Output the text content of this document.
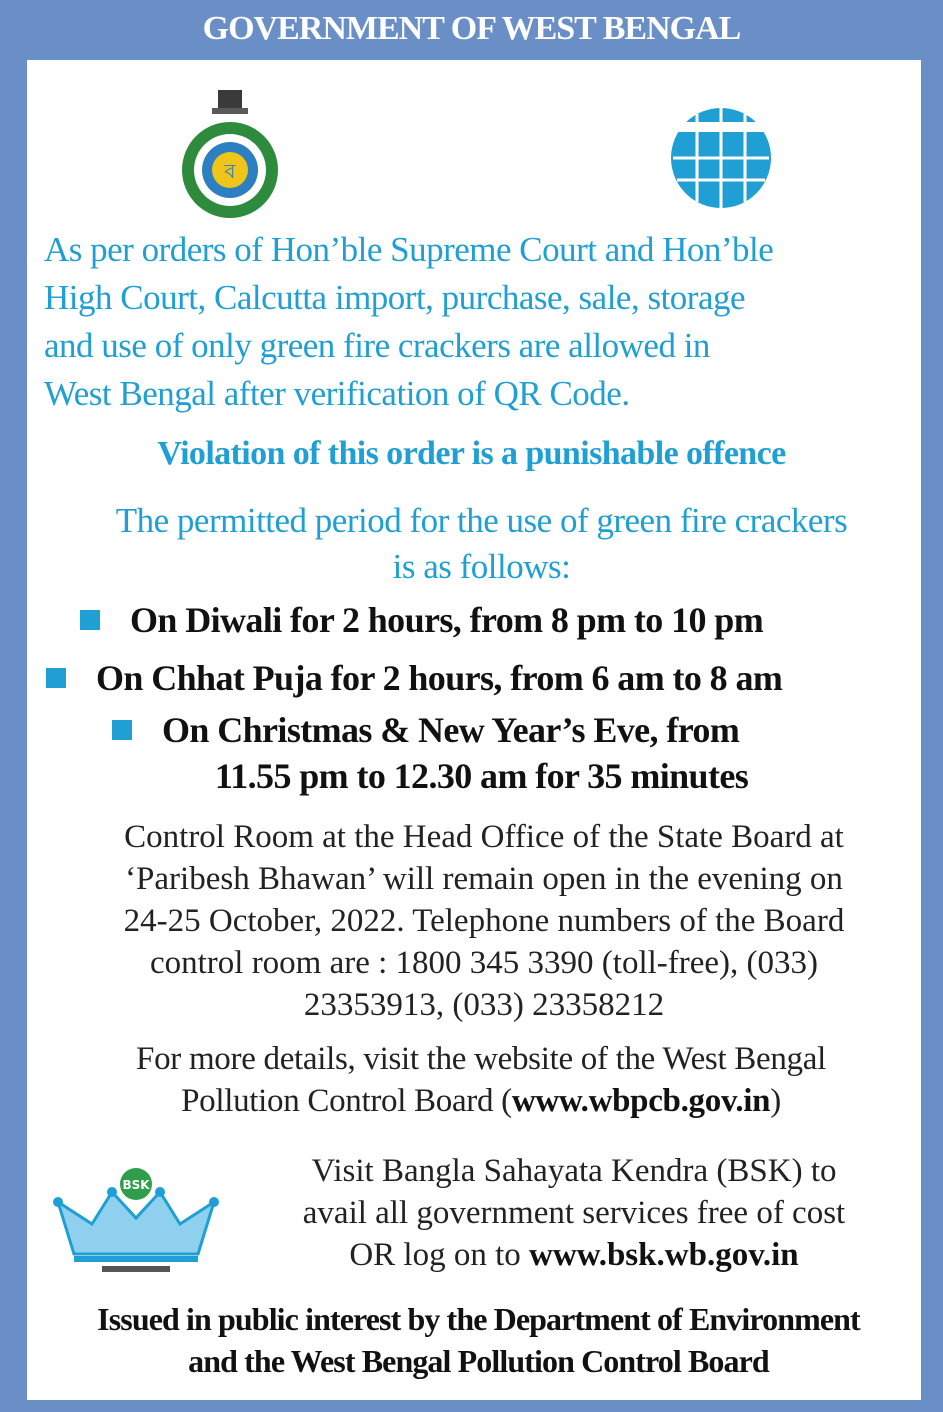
GOVERNMENT OF WEST BENGAL
ব
As per orders of Hon’ble Supreme Court and Hon’ble
High Court, Calcutta import, purchase, sale, storage
and use of only green fire crackers are allowed in
West Bengal after verification of QR Code.
Violation of this order is a punishable offence
The permitted period for the use of green fire crackers
is as follows:
On Diwali for 2 hours, from 8 pm to 10 pm
On Chhat Puja for 2 hours, from 6 am to 8 am
On Christmas & New Year’s Eve, from
11.55 pm to 12.30 am for 35 minutes
Control Room at the Head Office of the State Board at
‘Paribesh Bhawan’ will remain open in the evening on
24-25 October, 2022. Telephone numbers of the Board
control room are : 1800 345 3390 (toll-free), (033)
23353913, (033) 23358212
For more details, visit the website of the West Bengal
Pollution Control Board (www.wbpcb.gov.in)
BSK	Visit Bangla Sahayata Kendra (BSK) to
avail all government services free of cost
OR log on to www.bsk.wb.gov.in
Issued in public interest by the Department of Environment
and the West Bengal Pollution Control Board
